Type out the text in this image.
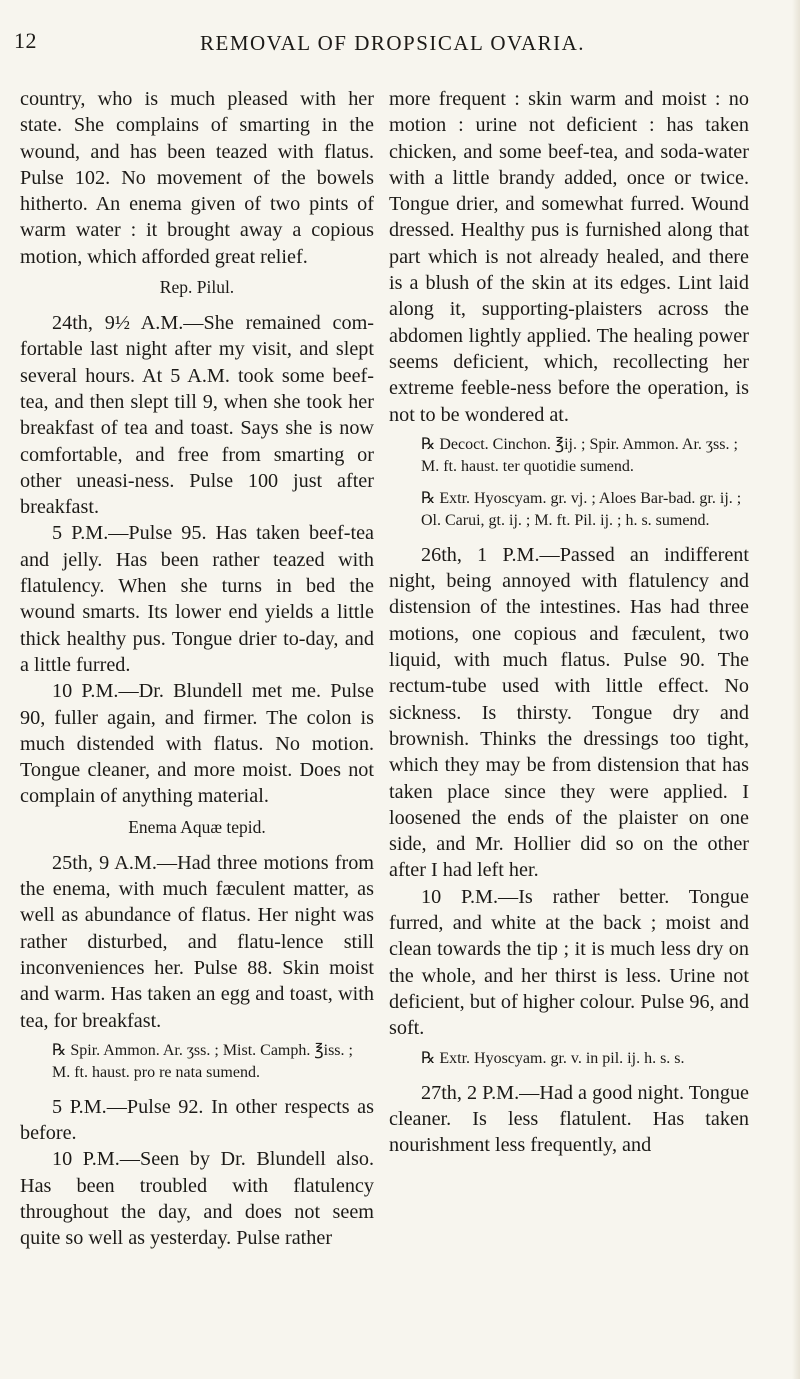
12	REMOVAL OF DROPSICAL OVARIA.

country, who is much pleased with her state. She complains of smarting in the wound, and has been teazed with flatus. Pulse 102. No movement of the bowels hitherto. An enema given of two pints of warm water : it brought away a copious motion, which afforded great relief.

Rep. Pilul.

24th, 9½ A.M.—She remained com-fortable last night after my visit, and slept several hours. At 5 A.M. took some beef-tea, and then slept till 9, when she took her breakfast of tea and toast. Says she is now comfortable, and free from smarting or other uneasi-ness. Pulse 100 just after breakfast.

5 P.M.—Pulse 95. Has taken beef-tea and jelly. Has been rather teazed with flatulency. When she turns in bed the wound smarts. Its lower end yields a little thick healthy pus. Tongue drier to-day, and a little furred.

10 P.M.—Dr. Blundell met me. Pulse 90, fuller again, and firmer. The colon is much distended with flatus. No motion. Tongue cleaner, and more moist. Does not complain of anything material.

Enema Aquæ tepid.

25th, 9 A.M.—Had three motions from the enema, with much fæculent matter, as well as abundance of flatus. Her night was rather disturbed, and flatu-lence still inconveniences her. Pulse 88. Skin moist and warm. Has taken an egg and toast, with tea, for breakfast.

℞ Spir. Ammon. Ar. ʒss. ; Mist. Camph. ℥iss. ; M. ft. haust. pro re nata sumend.

5 P.M.—Pulse 92. In other respects as before.

10 P.M.—Seen by Dr. Blundell also. Has been troubled with flatulency throughout the day, and does not seem quite so well as yesterday. Pulse rather

more frequent : skin warm and moist : no motion : urine not deficient : has taken chicken, and some beef-tea, and soda-water with a little brandy added, once or twice. Tongue drier, and somewhat furred. Wound dressed. Healthy pus is furnished along that part which is not already healed, and there is a blush of the skin at its edges. Lint laid along it, supporting-plaisters across the abdomen lightly applied. The healing power seems deficient, which, recollecting her extreme feeble-ness before the operation, is not to be wondered at.

℞ Decoct. Cinchon. ℥ij. ; Spir. Ammon. Ar. ʒss. ; M. ft. haust. ter quotidie sumend.

℞ Extr. Hyoscyam. gr. vj. ; Aloes Bar-bad. gr. ij. ; Ol. Carui, gt. ij. ; M. ft. Pil. ij. ; h. s. sumend.

26th, 1 P.M.—Passed an indifferent night, being annoyed with flatulency and distension of the intestines. Has had three motions, one copious and fæculent, two liquid, with much flatus. Pulse 90. The rectum-tube used with little effect. No sickness. Is thirsty. Tongue dry and brownish. Thinks the dressings too tight, which they may be from distension that has taken place since they were applied. I loosened the ends of the plaister on one side, and Mr. Hollier did so on the other after I had left her.

10 P.M.—Is rather better. Tongue furred, and white at the back ; moist and clean towards the tip ; it is much less dry on the whole, and her thirst is less. Urine not deficient, but of higher colour. Pulse 96, and soft.

℞ Extr. Hyoscyam. gr. v. in pil. ij. h. s. s.

27th, 2 P.M.—Had a good night. Tongue cleaner. Is less flatulent. Has taken nourishment less frequently, and
